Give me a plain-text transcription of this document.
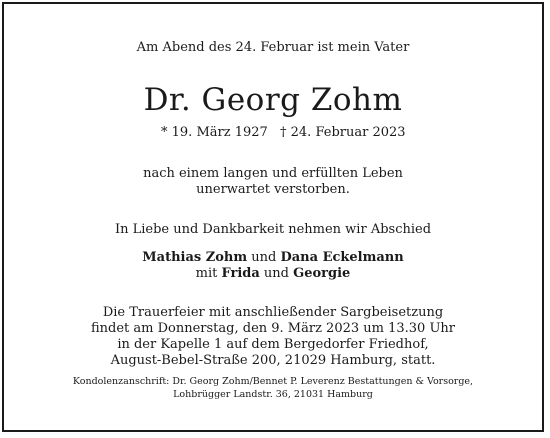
Am Abend des 24. Februar ist mein Vater
Dr. Georg Zohm
* 19. März 1927 † 24. Februar 2023
nach einem langen und erfüllten Leben
unerwartet verstorben.
In Liebe und Dankbarkeit nehmen wir Abschied
Mathias Zohm und Dana Eckelmann
mit Frida und Georgie
Die Trauerfeier mit anschließender Sargbeisetzung
findet am Donnerstag, den 9. März 2023 um 13.30 Uhr
in der Kapelle 1 auf dem Bergedorfer Friedhof,
August-Bebel-Straße 200, 21029 Hamburg, statt.
Kondolenzanschrift: Dr. Georg Zohm/Bennet P. Leverenz Bestattungen & Vorsorge,
Lohbrügger Landstr. 36, 21031 Hamburg
